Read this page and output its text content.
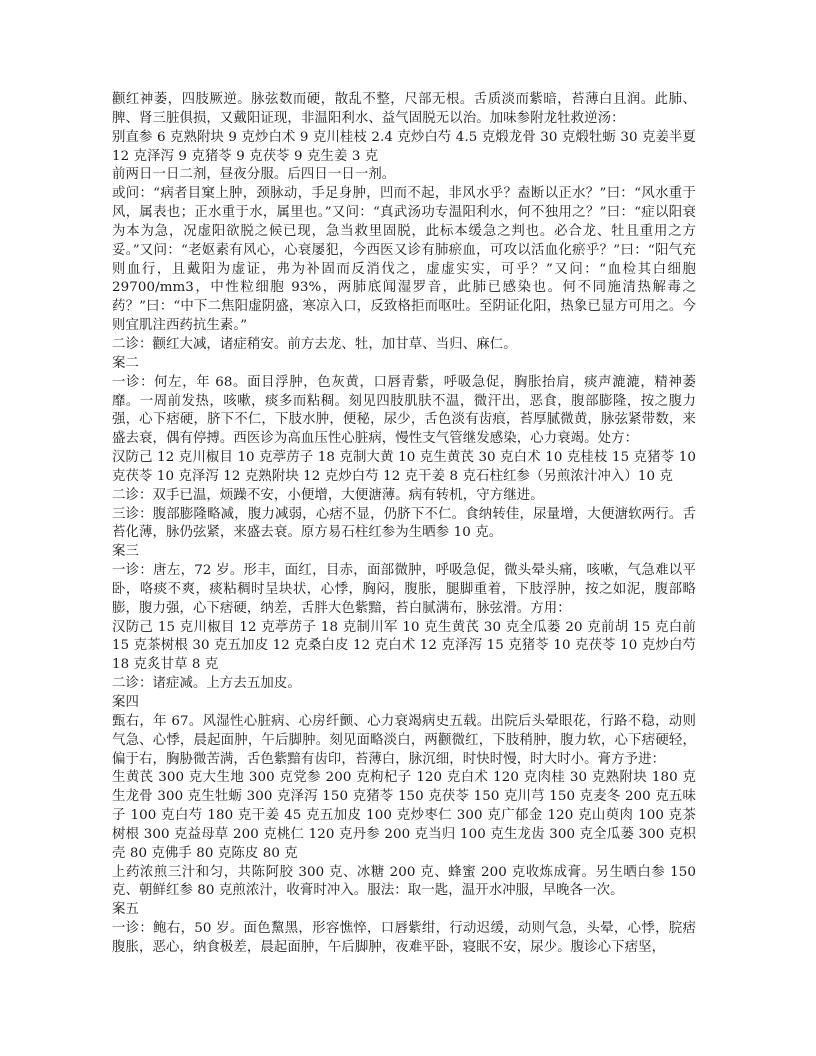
颧红神萎，四肢厥逆。脉弦数而硬，散乱不整，尺部无根。舌质淡而紫暗，苔薄白且润。此肺、脾、肾三脏俱损，又戴阳证现，非温阳利水、益气固脱无以治。加味参附龙牡救逆汤：

别直参 6 克熟附块 9 克炒白术 9 克川桂枝 2.4 克炒白芍 4.5 克煅龙骨 30 克煅牡蛎 30 克姜半夏 12 克泽泻 9 克猪苓 9 克茯苓 9 克生姜 3 克

前两日一日二剂，昼夜分服。后四日一日一剂。

或问：“病者目窠上肿，颈脉动，手足身肿，凹而不起，非风水乎？盍断以正水？”曰：“风水重于风，属表也；正水重于水，属里也。”又问：“真武汤功专温阳利水，何不独用之？”曰：“症以阳衰为本为急，况虚阳欲脱之候已现，急当救里固脱，此标本缓急之判也。必合龙、牡且重用之方妥。”又问：“老妪素有风心，心衰屡犯，今西医又诊有肺瘀血，可攻以活血化瘀乎？”曰：“阳气充则血行，且戴阳为虚证，弗为补固而反消伐之，虚虚实实，可乎？”又问：“血检其白细胞 29700/mm3，中性粒细胞 93%，两肺底闻湿罗音，此肺已感染也。何不同施清热解毒之药？”曰：“中下二焦阳虚阴盛，寒凉入口，反致格拒而呕吐。至阴证化阳，热象已显方可用之。今则宜肌注西药抗生素。”

二诊：颧红大减，诸症稍安。前方去龙、牡，加甘草、当归、麻仁。

案二

一诊：何左，年 68。面目浮肿，色灰黄，口唇青紫，呼吸急促，胸胀抬肩，痰声漉漉，精神萎靡。一周前发热，咳嗽，痰多而粘稠。刻见四肢肌肤不温，微汗出，恶食，腹部膨隆，按之腹力强，心下痞硬，脐下不仁，下肢水肿，便秘，尿少，舌色淡有齿痕，苔厚腻微黄，脉弦紧带数，来盛去衰，偶有停搏。西医诊为高血压性心脏病，慢性支气管继发感染，心力衰竭。处方：

汉防己 12 克川椒目 10 克葶苈子 18 克制大黄 10 克生黄芪 30 克白术 10 克桂枝 15 克猪苓 10 克茯苓 10 克泽泻 12 克熟附块 12 克炒白芍 12 克干姜 8 克石柱红参（另煎浓汁冲入）10 克

二诊：双手已温，烦躁不安，小便增，大便溏薄。病有转机，守方继进。

三诊：腹部膨隆略减，腹力减弱，心痞不显，仍脐下不仁。食纳转佳，尿量增，大便溏软两行。舌苔化薄，脉仍弦紧，来盛去衰。原方易石柱红参为生晒参 10 克。

案三

一诊：唐左，72 岁。形丰，面红，目赤，面部微肿，呼吸急促，微头晕头痛，咳嗽，气急难以平卧，咯痰不爽，痰粘稠时呈块状，心悸，胸闷，腹胀，腿脚重着，下肢浮肿，按之如泥，腹部略膨，腹力强，心下痞硬，纳差，舌胖大色紫黯，苔白腻满布，脉弦滑。方用：

汉防己 15 克川椒目 12 克葶苈子 18 克制川军 10 克生黄芪 30 克全瓜蒌 20 克前胡 15 克白前 15 克茶树根 30 克五加皮 12 克桑白皮 12 克白术 12 克泽泻 15 克猪苓 10 克茯苓 10 克炒白芍 18 克炙甘草 8 克

二诊：诸症减。上方去五加皮。

案四

甄右，年 67。风湿性心脏病、心房纤颤、心力衰竭病史五载。出院后头晕眼花，行路不稳，动则气急、心悸，晨起面肿，午后脚肿。刻见面略淡白，两颧微红，下肢稍肿，腹力软，心下痞硬轻，偏于右，胸胁微苦满，舌色紫黯有齿印，苔薄白，脉沉细，时快时慢，时大时小。膏方予进：

生黄芪 300 克大生地 300 克党参 200 克枸杞子 120 克白术 120 克肉桂 30 克熟附块 180 克生龙骨 300 克生牡蛎 300 克泽泻 150 克猪苓 150 克茯苓 150 克川芎 150 克麦冬 200 克五味子 100 克白芍 180 克干姜 45 克五加皮 100 克炒枣仁 300 克广郁金 120 克山萸肉 100 克茶树根 300 克益母草 200 克桃仁 120 克丹参 200 克当归 100 克生龙齿 300 克全瓜蒌 300 克枳壳 80 克佛手 80 克陈皮 80 克

上药浓煎三汁和匀，共陈阿胶 300 克、冰糖 200 克、蜂蜜 200 克收炼成膏。另生晒白参 150 克、朝鲜红参 80 克煎浓汁，收膏时冲入。服法：取一匙，温开水冲服，早晚各一次。

案五

一诊：鲍右，50 岁。面色黧黑，形容憔悴，口唇紫绀，行动迟缓，动则气急，头晕，心悸，脘痞腹胀，恶心，纳食极差，晨起面肿，午后脚肿，夜难平卧，寝眠不安，尿少。腹诊心下痞坚，
